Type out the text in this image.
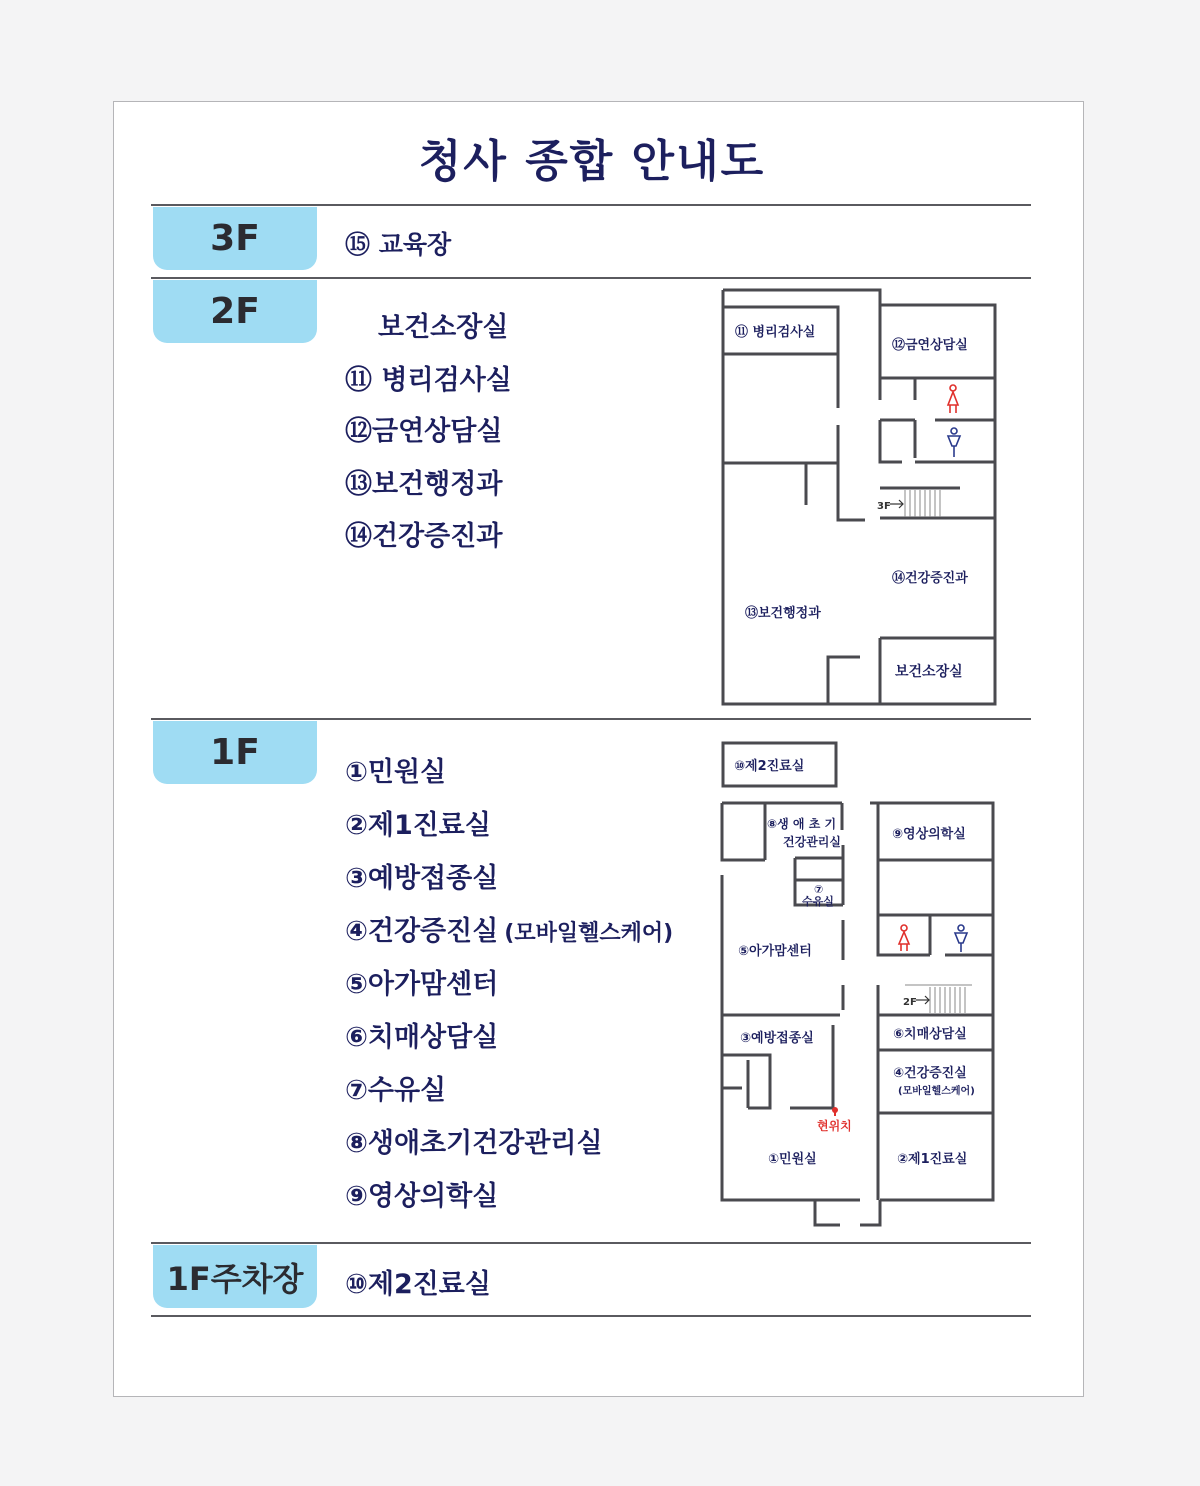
청사 종합 안내도
3F
2F
1F
1F주차장
⑮ 교육장
보건소장실
⑪ 병리검사실
⑫금연상담실
⑬보건행정과
⑭건강증진과
①민원실
②제1진료실
③예방접종실
④건강증진실 (모바일헬스케어)
⑤아가맘센터
⑥치매상담실
⑦수유실
⑧생애초기건강관리실
⑨영상의학실
⑩제2진료실
⑪ 병리검사실
⑫금연상담실
3F
⑭건강증진과
⑬보건행정과
보건소장실
⑩제2진료실
⑧생 애 초 기
건강관리실	⑨영상의학실
⑦
수유실
⑤아가맘센터
2F
⑥치매상담실
③예방접종실
④건강증진실
(모바일헬스케어)
현위치
①민원실	②제1진료실
